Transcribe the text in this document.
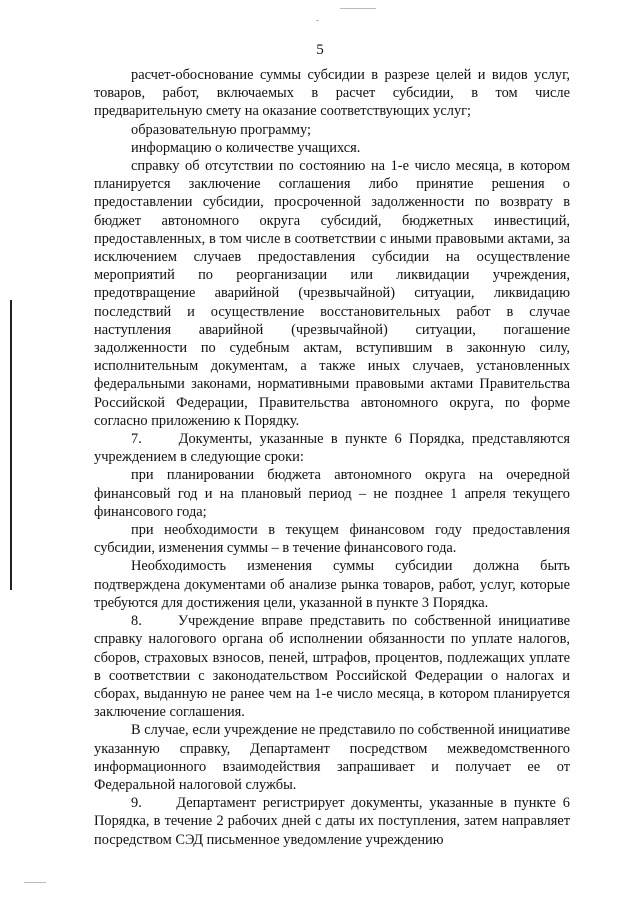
5

расчет-обоснование суммы субсидии в разрезе целей и видов услуг, товаров, работ, включаемых в расчет субсидии, в том числе предварительную смету на оказание соответствующих услуг;

образовательную программу;

информацию о количестве учащихся.

справку об отсутствии по состоянию на 1-е число месяца, в котором планируется заключение соглашения либо принятие решения о предоставлении субсидии, просроченной задолженности по возврату в бюджет автономного округа субсидий, бюджетных инвестиций, предоставленных, в том числе в соответствии с иными правовыми актами, за исключением случаев предоставления субсидии на осуществление мероприятий по реорганизации или ликвидации учреждения, предотвращение аварийной (чрезвычайной) ситуации, ликвидацию последствий и осуществление восстановительных работ в случае наступления аварийной (чрезвычайной) ситуации, погашение задолженности по судебным актам, вступившим в законную силу, исполнительным документам, а также иных случаев, установленных федеральными законами, нормативными правовыми актами Правительства Российской Федерации, Правительства автономного округа, по форме согласно приложению к Порядку.

7.     Документы, указанные в пункте 6 Порядка, представляются учреждением в следующие сроки:

при планировании бюджета автономного округа на очередной финансовый год и на плановый период – не позднее 1 апреля текущего финансового года;

при необходимости в текущем финансовом году предоставления субсидии, изменения суммы – в течение финансового года.

Необходимость изменения суммы субсидии должна быть подтверждена документами об анализе рынка товаров, работ, услуг, которые требуются для достижения цели, указанной в пункте 3 Порядка.

8.     Учреждение вправе представить по собственной инициативе справку налогового органа об исполнении обязанности по уплате налогов, сборов, страховых взносов, пеней, штрафов, процентов, подлежащих уплате в соответствии с законодательством Российской Федерации о налогах и сборах, выданную не ранее чем на 1-е число месяца, в котором планируется заключение соглашения.

В случае, если учреждение не представило по собственной инициативе указанную справку, Департамент посредством межведомственного информационного взаимодействия запрашивает и получает ее от Федеральной налоговой службы.

9.     Департамент регистрирует документы, указанные в пункте 6 Порядка, в течение 2 рабочих дней с даты их поступления, затем направляет посредством СЭД письменное уведомление учреждению
